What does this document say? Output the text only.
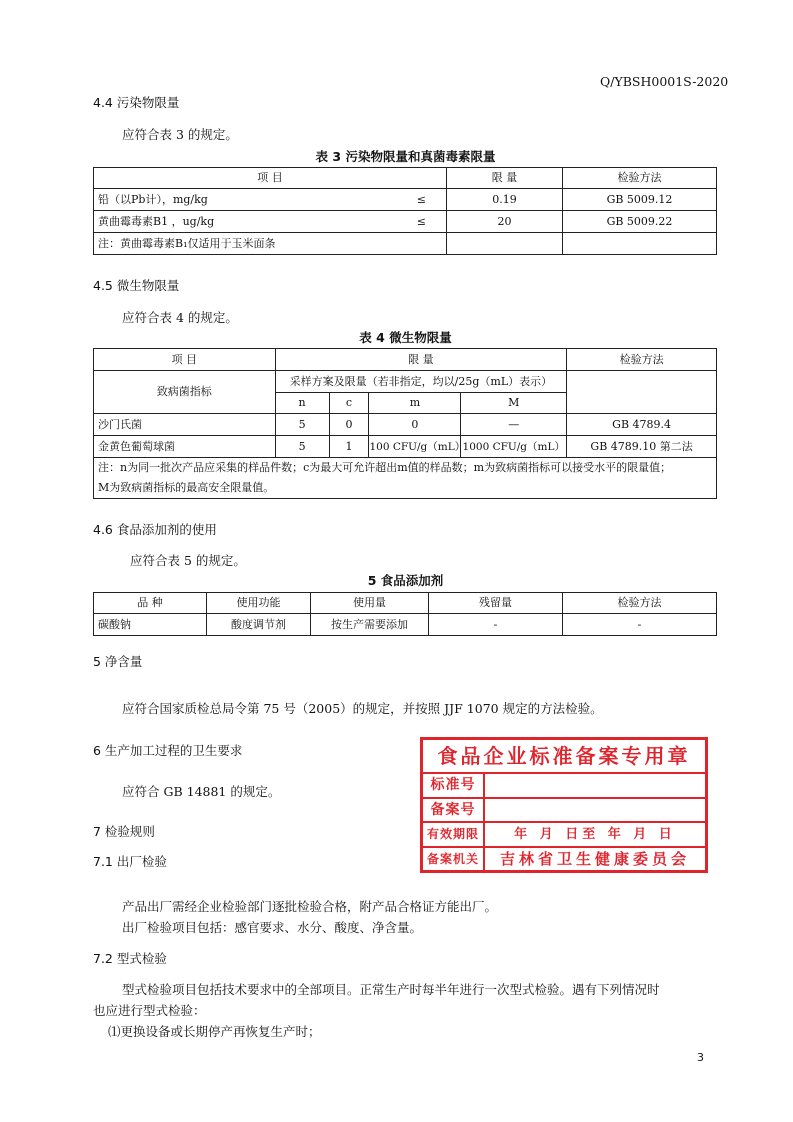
Q/YBSH0001S-2020
4.4 污染物限量
应符合表 3 的规定。
表 3 污染物限量和真菌毒素限量
项 目	限 量	检验方法
铅（以Pb计），mg/kg ≤	0.19	GB 5009.12
黄曲霉毒素B1 ，ug/kg ≤	20	GB 5009.22
注：黄曲霉毒素B₁仅适用于玉米面条		
4.5 微生物限量
应符合表 4 的规定。
表 4 微生物限量
项 目	限 量				检验方法
致病菌指标	采样方案及限量（若非指定，均以/25g（mL）表示）				
	n	c	m	M	
沙门氏菌	5	0	0	—	GB 4789.4
金黄色葡萄球菌	5	1	100 CFU/g（mL）	1000 CFU/g（mL）	GB 4789.10 第二法

注：n为同一批次产品应采集的样品件数；c为最大可允许超出m值的样品数；m为致病菌指标可以接受水平的限量值；
M为致病菌指标的最高安全限量值。					
4.6 食品添加剂的使用
应符合表 5 的规定。
5 食品添加剂
品 种	使用功能	使用量	残留量	检验方法
碳酸钠	酸度调节剂	按生产需要添加	-	-
5 净含量
应符合国家质检总局令第 75 号（2005）的规定，并按照 JJF 1070 规定的方法检验。
6 生产加工过程的卫生要求
应符合 GB 14881 的规定。
7 检验规则
7.1 出厂检验
食品企业标准备案专用章
标准号
备案号
有效期限	年 月 日至 年 月 日
备案机关	吉林省卫生健康委员会
产品出厂需经企业检验部门逐批检验合格，附产品合格证方能出厂。
出厂检验项目包括：感官要求、水分、酸度、净含量。
7.2 型式检验
型式检验项目包括技术要求中的全部项目。正常生产时每半年进行一次型式检验。遇有下列情况时
也应进行型式检验：
⑴更换设备或长期停产再恢复生产时；
3
